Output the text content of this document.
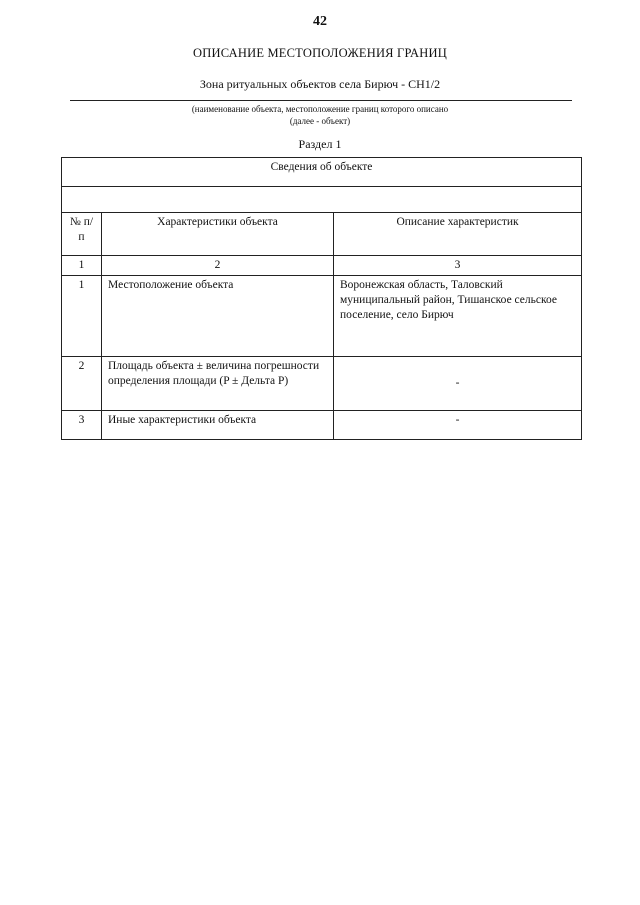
42
ОПИСАНИЕ МЕСТОПОЛОЖЕНИЯ ГРАНИЦ
Зона ритуальных объектов села Бирюч - СН1/2
(наименование объекта, местоположение границ которого описано
(далее - объект)
Раздел 1
Сведения об объекте		

№ п/п	Характеристики объекта	Описание характеристик
1	2	3
1	Местоположение объекта	Воронежская область, Таловский муниципальный район, Тишанское сельское поселение, село Бирюч
2	Площадь объекта ± величина погрешности определения площади (P ± Дельта P)	-
3	Иные характеристики объекта	-
